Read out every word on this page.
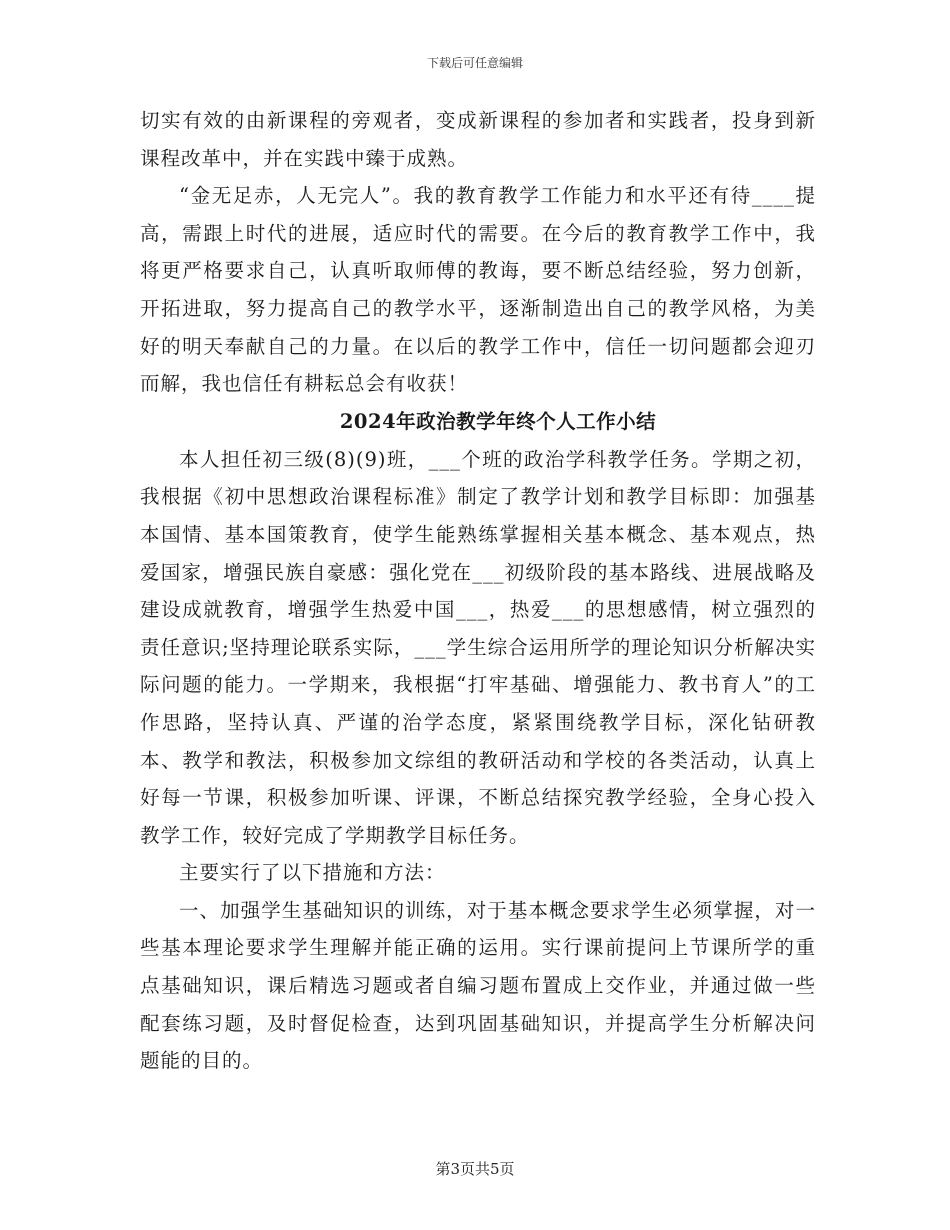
下载后可任意编辑

切实有效的由新课程的旁观者，变成新课程的参加者和实践者，投身到新课程改革中，并在实践中臻于成熟。

“金无足赤，人无完人”。我的教育教学工作能力和水平还有待____提高，需跟上时代的进展，适应时代的需要。在今后的教育教学工作中，我将更严格要求自己，认真听取师傅的教诲，要不断总结经验，努力创新，开拓进取，努力提高自己的教学水平，逐渐制造出自己的教学风格，为美好的明天奉献自己的力量。在以后的教学工作中，信任一切问题都会迎刃而解，我也信任有耕耘总会有收获！

2024年政治教学年终个人工作小结

本人担任初三级(8)(9)班，___个班的政治学科教学任务。学期之初，我根据《初中思想政治课程标准》制定了教学计划和教学目标即：加强基本国情、基本国策教育，使学生能熟练掌握相关基本概念、基本观点，热爱国家，增强民族自豪感：强化党在___初级阶段的基本路线、进展战略及建设成就教育，增强学生热爱中国___，热爱___的思想感情，树立强烈的责任意识;坚持理论联系实际，___学生综合运用所学的理论知识分析解决实际问题的能力。一学期来，我根据“打牢基础、增强能力、教书育人”的工作思路，坚持认真、严谨的治学态度，紧紧围绕教学目标，深化钻研教本、教学和教法，积极参加文综组的教研活动和学校的各类活动，认真上好每一节课，积极参加听课、评课，不断总结探究教学经验，全身心投入教学工作，较好完成了学期教学目标任务。

主要实行了以下措施和方法：

一、加强学生基础知识的训练，对于基本概念要求学生必须掌握，对一些基本理论要求学生理解并能正确的运用。实行课前提问上节课所学的重点基础知识，课后精选习题或者自编习题布置成上交作业，并通过做一些配套练习题，及时督促检查，达到巩固基础知识，并提高学生分析解决问题能的目的。

第3页共5页
